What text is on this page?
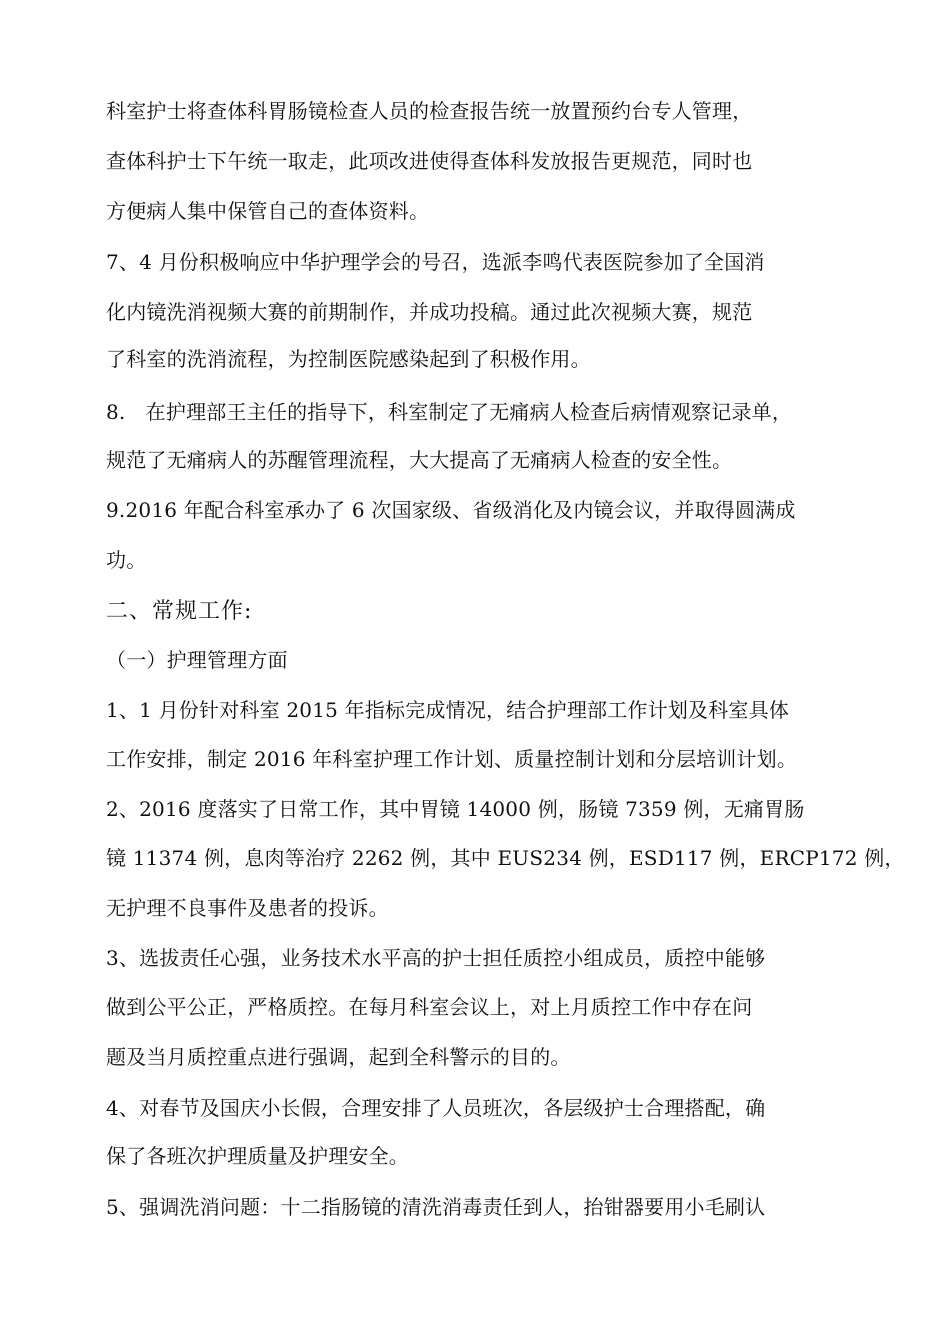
科室护士将查体科胃肠镜检查人员的检查报告统一放置预约台专人管理，
查体科护士下午统一取走，此项改进使得查体科发放报告更规范，同时也
方便病人集中保管自己的查体资料。
7、4 月份积极响应中华护理学会的号召，选派李鸣代表医院参加了全国消
化内镜洗消视频大赛的前期制作，并成功投稿。通过此次视频大赛，规范
了科室的洗消流程，为控制医院感染起到了积极作用。
8.　在护理部王主任的指导下，科室制定了无痛病人检查后病情观察记录单，
规范了无痛病人的苏醒管理流程，大大提高了无痛病人检查的安全性。
9.2016 年配合科室承办了 6 次国家级、省级消化及内镜会议，并取得圆满成
功。
二、常规工作:
（一）护理管理方面
1、1 月份针对科室 2015 年指标完成情况，结合护理部工作计划及科室具体
工作安排，制定 2016 年科室护理工作计划、质量控制计划和分层培训计划。
2、2016 度落实了日常工作，其中胃镜 14000 例，肠镜 7359 例，无痛胃肠
镜 11374 例，息肉等治疗 2262 例，其中 EUS234 例，ESD117 例，ERCP172 例，
无护理不良事件及患者的投诉。
3、选拔责任心强，业务技术水平高的护士担任质控小组成员，质控中能够
做到公平公正，严格质控。在每月科室会议上，对上月质控工作中存在问
题及当月质控重点进行强调，起到全科警示的目的。
4、对春节及国庆小长假，合理安排了人员班次，各层级护士合理搭配，确
保了各班次护理质量及护理安全。
5、强调洗消问题：十二指肠镜的清洗消毒责任到人，抬钳器要用小毛刷认
